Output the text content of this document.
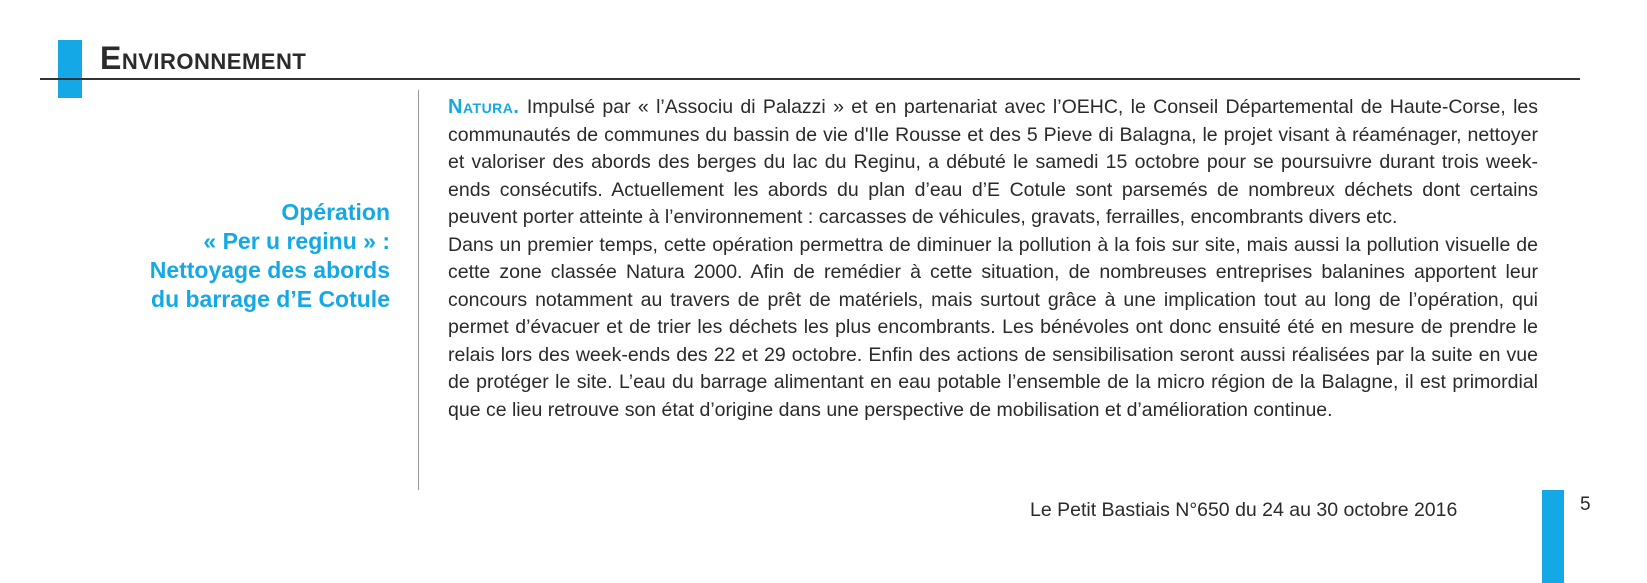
Environnement
Opération
« Per u reginu » :
Nettoyage des abords
du barrage d’E Cotule

Natura. Impulsé par « l’Associu di Palazzi » et en partenariat avec l’OEHC, le Conseil Départemental de Haute-Corse, les communautés de communes du bassin de vie d'Ile Rousse et des 5 Pieve di Balagna, le projet visant à réaménager, nettoyer et valoriser des abords des berges du lac du Reginu, a débuté le samedi 15 octobre pour se poursuivre durant trois week-ends consécutifs. Actuellement les abords du plan d’eau d’E Cotule sont parsemés de nombreux déchets dont certains peuvent porter atteinte à l’environnement : carcasses de véhicules, gravats, ferrailles, encombrants divers etc.

Dans un premier temps, cette opération permettra de diminuer la pollution à la fois sur site, mais aussi la pollution visuelle de cette zone classée Natura 2000. Afin de remédier à cette situation, de nombreuses entreprises balanines apportent leur concours notamment au travers de prêt de matériels, mais surtout grâce à une implication tout au long de l’opération, qui permet d’évacuer et de trier les déchets les plus encombrants. Les bénévoles ont donc ensuité été en mesure de prendre le relais lors des week-ends des 22 et 29 octobre. Enfin des actions de sensibilisation seront aussi réalisées par la suite en vue de protéger le site. L’eau du barrage alimentant en eau potable l’ensemble de la micro région de la Balagne, il est primordial que ce lieu retrouve son état d’origine dans une perspective de mobilisation et d’amélioration continue.

Le Petit Bastiais N°650 du 24 au 30 octobre 2016	5
